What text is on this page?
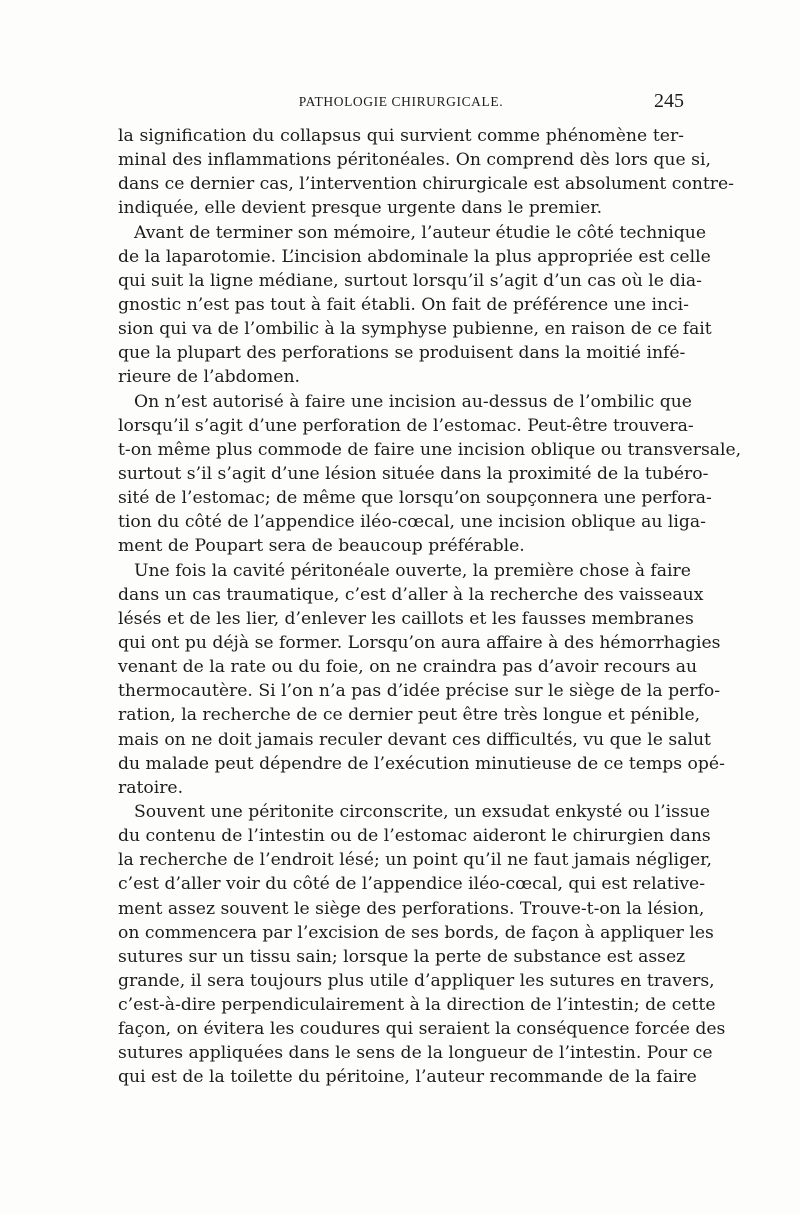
PATHOLOGIE CHIRURGICALE.	245
la signification du collapsus qui survient comme phénomène ter-
minal des inflammations péritonéales. On comprend dès lors que si,
dans ce dernier cas, l’intervention chirurgicale est absolument contre-
indiquée, elle devient presque urgente dans le premier.
Avant de terminer son mémoire, l’auteur étudie le côté technique
de la laparotomie. L’incision abdominale la plus appropriée est celle
qui suit la ligne médiane, surtout lorsqu’il s’agit d’un cas où le dia-
gnostic n’est pas tout à fait établi. On fait de préférence une inci-
sion qui va de l’ombilic à la symphyse pubienne, en raison de ce fait
que la plupart des perforations se produisent dans la moitié infé-
rieure de l’abdomen.
On n’est autorisé à faire une incision au-dessus de l’ombilic que
lorsqu’il s’agit d’une perforation de l’estomac. Peut-être trouvera-
t-on même plus commode de faire une incision oblique ou transversale,
surtout s’il s’agit d’une lésion située dans la proximité de la tubéro-
sité de l’estomac; de même que lorsqu’on soupçonnera une perfora-
tion du côté de l’appendice iléo-cœcal, une incision oblique au liga-
ment de Poupart sera de beaucoup préférable.
Une fois la cavité péritonéale ouverte, la première chose à faire
dans un cas traumatique, c’est d’aller à la recherche des vaisseaux
lésés et de les lier, d’enlever les caillots et les fausses membranes
qui ont pu déjà se former. Lorsqu’on aura affaire à des hémorrhagies
venant de la rate ou du foie, on ne craindra pas d’avoir recours au
thermocautère. Si l’on n’a pas d’idée précise sur le siège de la perfo-
ration, la recherche de ce dernier peut être très longue et pénible,
mais on ne doit jamais reculer devant ces difficultés, vu que le salut
du malade peut dépendre de l’exécution minutieuse de ce temps opé-
ratoire.
Souvent une péritonite circonscrite, un exsudat enkysté ou l’issue
du contenu de l’intestin ou de l’estomac aideront le chirurgien dans
la recherche de l’endroit lésé; un point qu’il ne faut jamais négliger,
c’est d’aller voir du côté de l’appendice iléo-cœcal, qui est relative-
ment assez souvent le siège des perforations. Trouve-t-on la lésion,
on commencera par l’excision de ses bords, de façon à appliquer les
sutures sur un tissu sain; lorsque la perte de substance est assez
grande, il sera toujours plus utile d’appliquer les sutures en travers,
c’est-à-dire perpendiculairement à la direction de l’intestin; de cette
façon, on évitera les coudures qui seraient la conséquence forcée des
sutures appliquées dans le sens de la longueur de l’intestin. Pour ce
qui est de la toilette du péritoine, l’auteur recommande de la faire
